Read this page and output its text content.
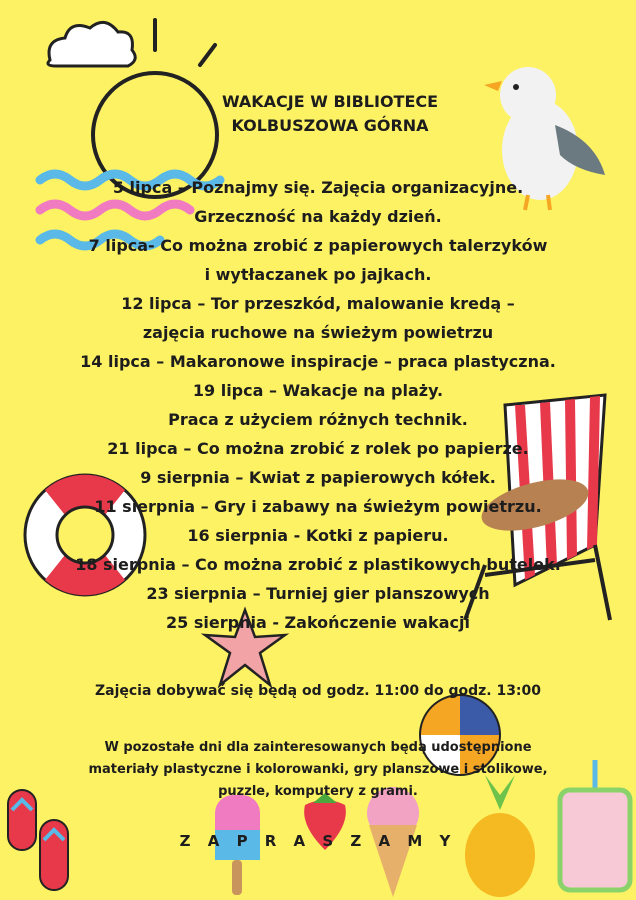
WAKACJE W BIBLIOTECE
KOLBUSZOWA GÓRNA
5 lipca – Poznajmy się. Zajęcia organizacyjne.
Grzeczność na każdy dzień.
7 lipca- Co można zrobić z papierowych talerzyków
i wytłaczanek po jajkach.
12 lipca – Tor przeszkód, malowanie kredą –
zajęcia ruchowe na świeżym powietrzu
14 lipca – Makaronowe inspiracje – praca plastyczna.
19 lipca – Wakacje na plaży.
Praca z użyciem różnych technik.
21 lipca – Co można zrobić z rolek po papierze.
9 sierpnia – Kwiat z papierowych kółek.
11 sierpnia – Gry i zabawy na świeżym powietrzu.
16 sierpnia - Kotki z papieru.
18 sierpnia – Co można zrobić z plastikowych butelek.
23 sierpnia – Turniej gier planszowych
25 sierpnia - Zakończenie wakacji
Zajęcia dobywać się będą od godz. 11:00 do godz. 13:00
W pozostałe dni dla zainteresowanych będą udostępnione
materiały plastyczne i kolorowanki, gry planszowe i stolikowe,
puzzle, komputery z grami.
Z A P R A S Z A M Y
